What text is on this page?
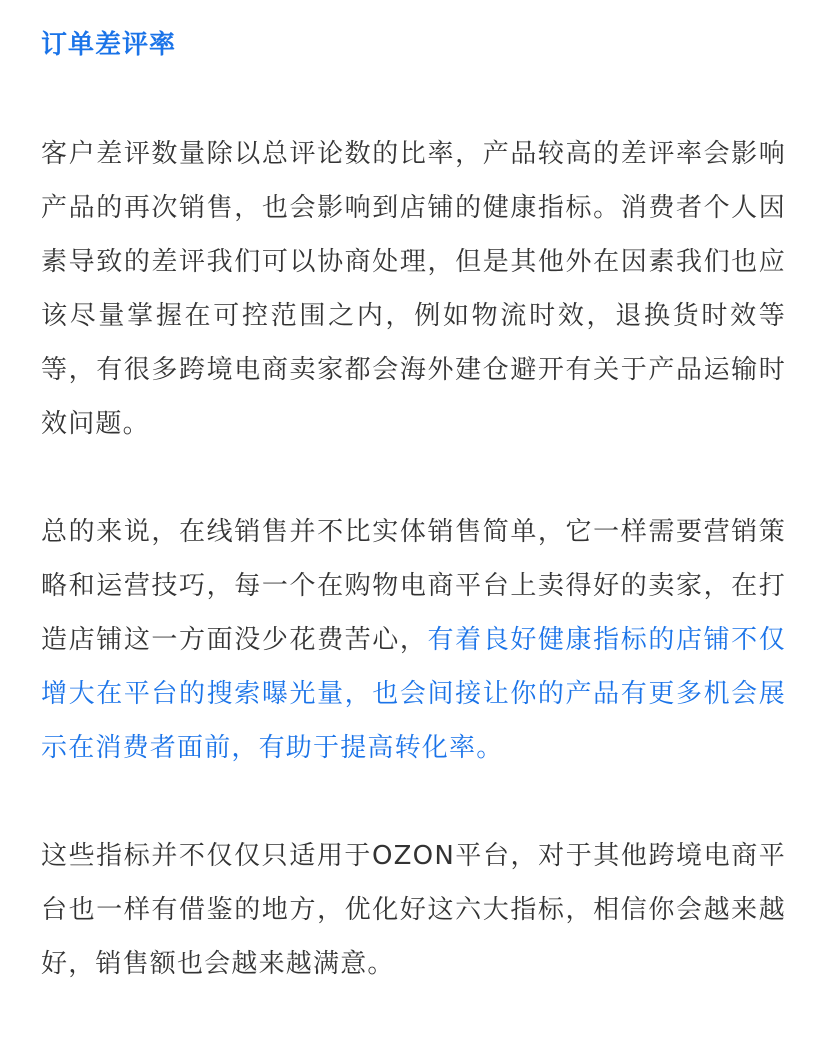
订单差评率

客户差评数量除以总评论数的比率，产品较高的差评率会影响产品的再次销售，也会影响到店铺的健康指标。消费者个人因素导致的差评我们可以协商处理，但是其他外在因素我们也应该尽量掌握在可控范围之内，例如物流时效，退换货时效等等，有很多跨境电商卖家都会海外建仓避开有关于产品运输时效问题。

总的来说，在线销售并不比实体销售简单，它一样需要营销策略和运营技巧，每一个在购物电商平台上卖得好的卖家，在打造店铺这一方面没少花费苦心，有着良好健康指标的店铺不仅增大在平台的搜索曝光量，也会间接让你的产品有更多机会展示在消费者面前，有助于提高转化率。

这些指标并不仅仅只适用于OZON平台，对于其他跨境电商平台也一样有借鉴的地方，优化好这六大指标，相信你会越来越好，销售额也会越来越满意。
